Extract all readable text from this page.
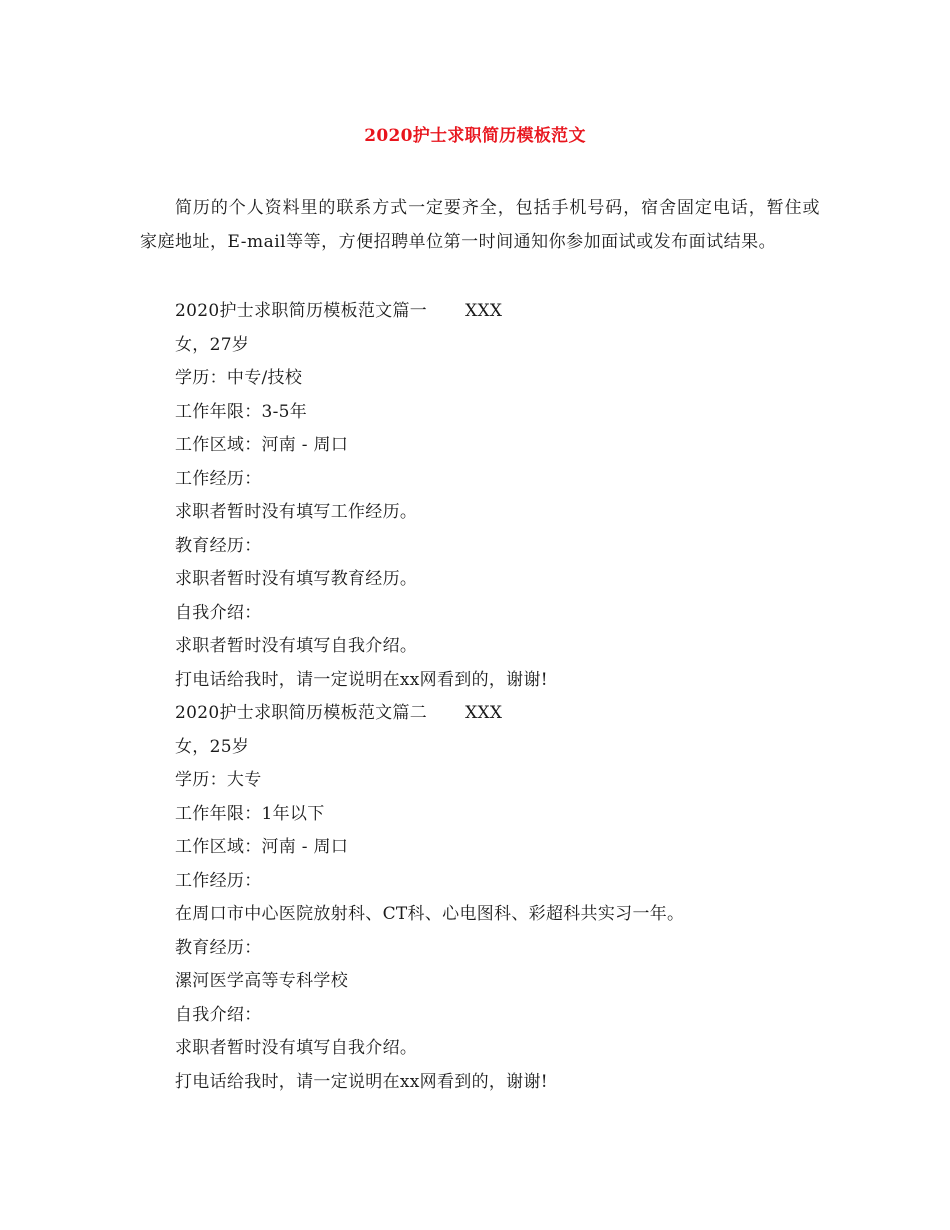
2020护士求职简历模板范文

简历的个人资料里的联系方式一定要齐全，包括手机号码，宿舍固定电话，暂住或家庭地址，E-mail等等，方便招聘单位第一时间通知你参加面试或发布面试结果。

2020护士求职简历模板范文篇一 XXX
女，27岁
学历：中专/技校
工作年限：3-5年
工作区域：河南 - 周口
工作经历：
求职者暂时没有填写工作经历。
教育经历：
求职者暂时没有填写教育经历。
自我介绍：
求职者暂时没有填写自我介绍。
打电话给我时，请一定说明在xx网看到的，谢谢!
2020护士求职简历模板范文篇二 XXX
女，25岁
学历：大专
工作年限：1年以下
工作区域：河南 - 周口
工作经历：
在周口市中心医院放射科、CT科、心电图科、彩超科共实习一年。
教育经历：
漯河医学高等专科学校
自我介绍：
求职者暂时没有填写自我介绍。
打电话给我时，请一定说明在xx网看到的，谢谢!
